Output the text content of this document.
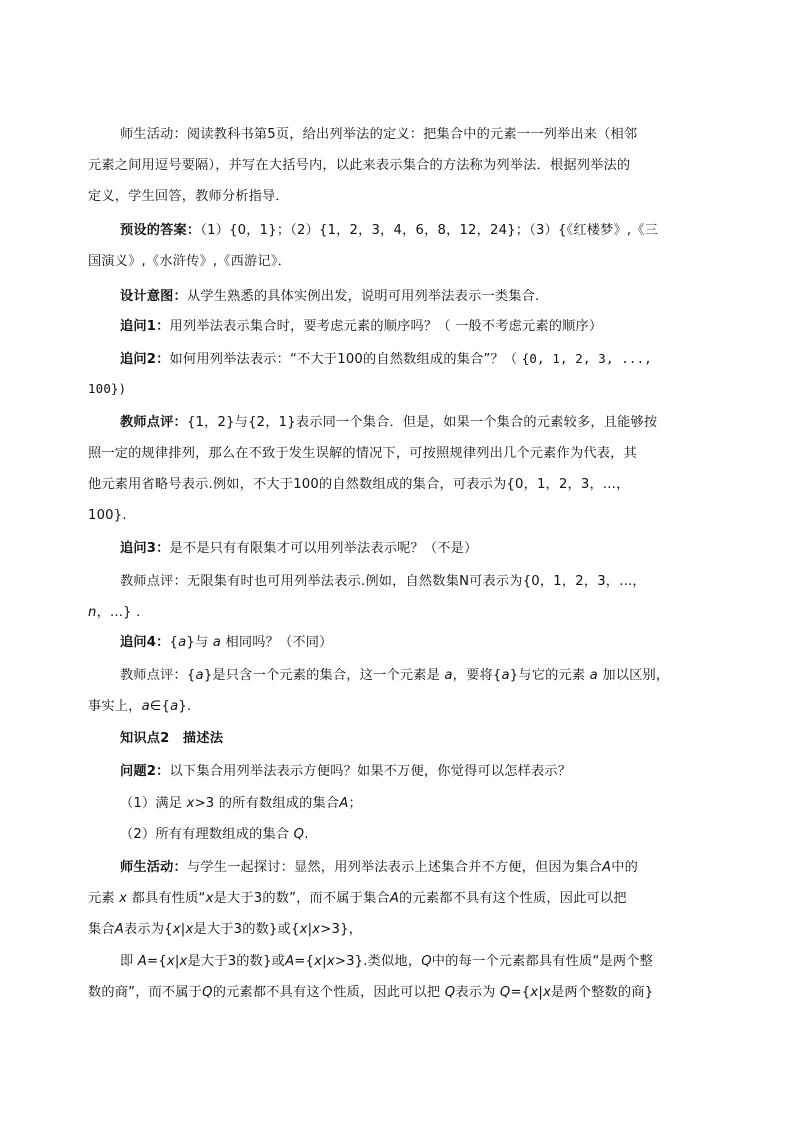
师生活动：阅读教科书第5页，给出列举法的定义：把集合中的元素一一列举出来（相邻
元素之间用逗号要隔），并写在大括号内，以此来表示集合的方法称为列举法．根据列举法的
定义，学生回答，教师分析指导．
预设的答案：（1）{0，1}；（2）{1，2，3，4，6，8，12，24}；（3）{《红楼梦》,《三
国演义》,《水浒传》,《西游记》．
设计意图：从学生熟悉的具体实例出发，说明可用列举法表示一类集合.
追问1：用列举法表示集合时，要考虑元素的顺序吗？（ 一般不考虑元素的顺序）
追问2：如何用列举法表示：“不大于100的自然数组成的集合”？（ {0, 1, 2, 3, ...,
100})
教师点评：{1，2}与{2，1}表示同一个集合．但是，如果一个集合的元素较多，且能够按
照一定的规律排列，那么在不致于发生误解的情况下，可按照规律列出几个元素作为代表，其
他元素用省略号表示.例如，不大于100的自然数组成的集合，可表示为{0，1，2，3，...，
100}.
追问3：是不是只有有限集才可以用列举法表示呢？（不是）
教师点评：无限集有时也可用列举法表示.例如，自然数集N可表示为{0，1，2，3，...，
n，...} .
追问4：{a}与 a 相同吗？（不同）
教师点评：{a}是只含一个元素的集合，这一个元素是 a，要将{a}与它的元素 a 加以区别，
事实上，a∈{a}.
知识点2　描述法
问题2：以下集合用列举法表示方便吗？如果不万便，你觉得可以怎样表示？
（1）满足 x>3 的所有数组成的集合A；
（2）所有有理数组成的集合 Q.
师生活动：与学生一起探讨：显然，用列举法表示上述集合并不方便，但因为集合A中的
元素 x 都具有性质“x是大于3的数”，而不属于集合A的元素都不具有这个性质，因此可以把
集合A表示为{x|x是大于3的数}或{x|x>3}，
即 A={x|x是大于3的数}或A={x|x>3}.类似地，Q中的每一个元素都具有性质“是两个整
数的商”，而不属于Q的元素都不具有这个性质，因此可以把 Q表示为 Q={x|x是两个整数的商}
